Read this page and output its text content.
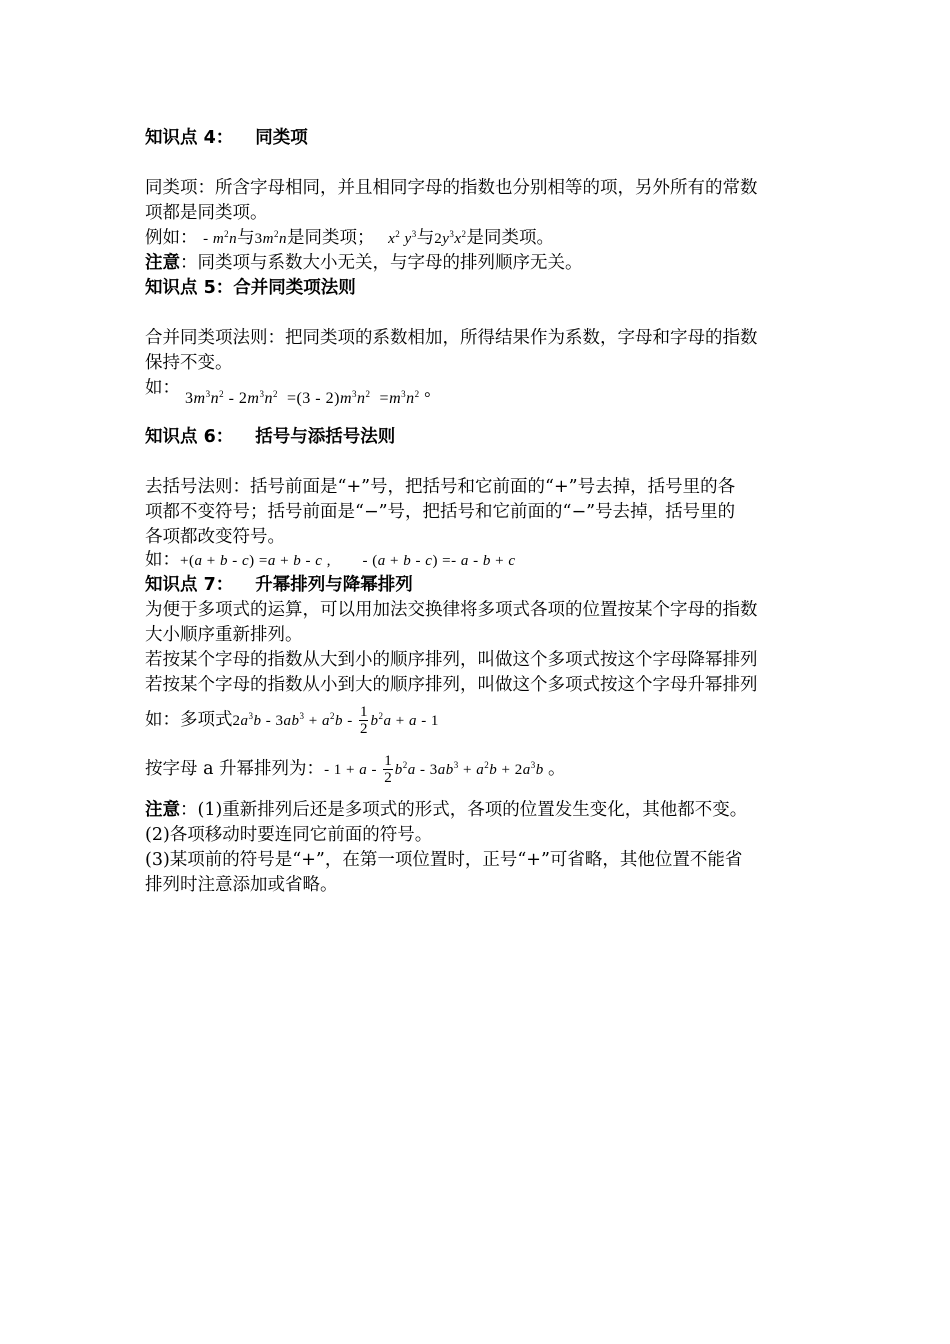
知识点 4： 同类项
同类项：所含字母相同，并且相同字母的指数也分别相等的项，另外所有的常数
项都是同类项。
例如： - $m^2n$与$3m^2n$是同类项； $x^2$ $y^3$与$2y^3x^2$是同类项。
注意：同类项与系数大小无关，与字母的排列顺序无关。
知识点 5：合并同类项法则
合并同类项法则：把同类项的系数相加，所得结果作为系数，字母和字母的指数
保持不变。
如：
$3m^3n^2 - 2m^3n^2 =(3 - 2)m^3n^2 =m^3n^2$ °
知识点 6： 括号与添括号法则
去括号法则：括号前面是“+”号，把括号和它前面的“+”号去掉，括号里的各
项都不变符号；括号前面是“−”号，把括号和它前面的“−”号去掉，括号里的
各项都改变符号。
如：+(a + b - c) =a + b - c , - (a + b - c) =- a - b + c
知识点 7： 升幂排列与降幂排列
为便于多项式的运算，可以用加法交换律将多项式各项的位置按某个字母的指数
大小顺序重新排列。
若按某个字母的指数从大到小的顺序排列，叫做这个多项式按这个字母降幂排列
若按某个字母的指数从小到大的顺序排列，叫做这个多项式按这个字母升幂排列
如：多项式$2a^3b - 3ab^3 + a^2b - \frac{1}{2} b^2a + a - 1$
按字母 a 升幂排列为：- $1 + a - \frac{1}{2} b^2a - 3ab^3 + a^2b + 2a^3b$ 。
注意：(1)重新排列后还是多项式的形式，各项的位置发生变化，其他都不变。
(2)各项移动时要连同它前面的符号。
(3)某项前的符号是“+”，在第一项位置时，正号“+”可省略，其他位置不能省
排列时注意添加或省略。
